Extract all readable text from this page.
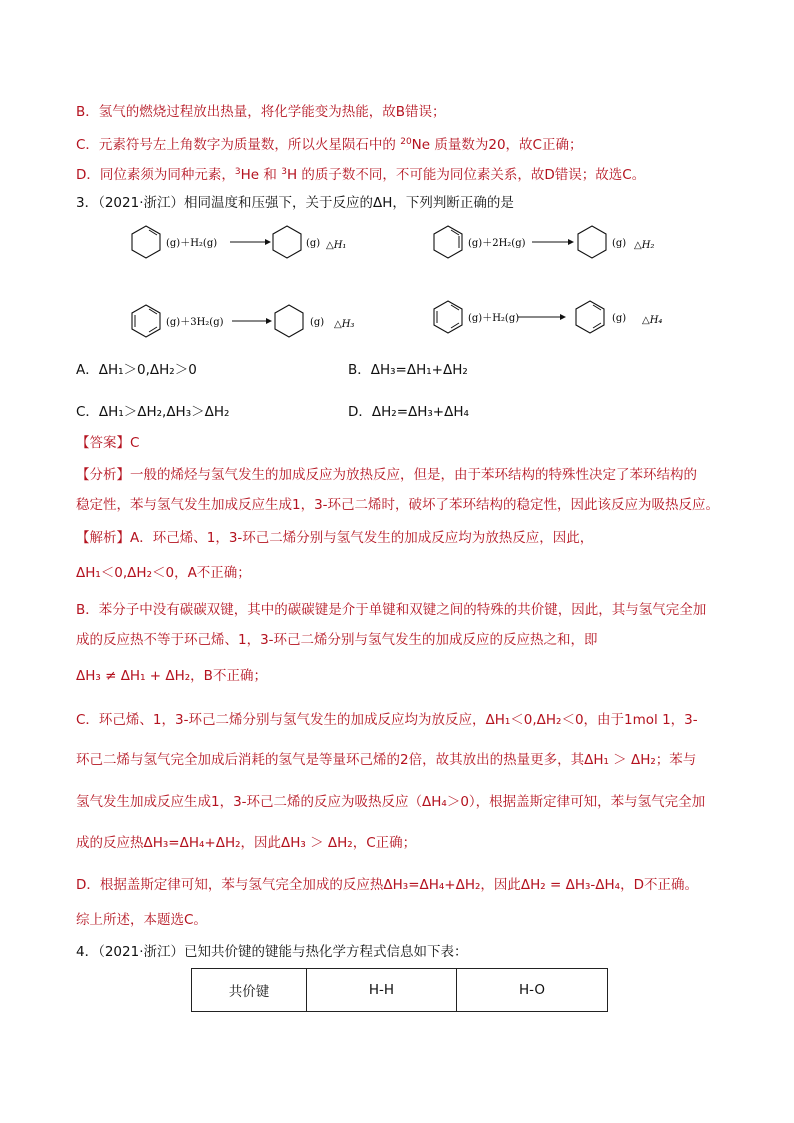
B．氢气的燃烧过程放出热量，将化学能变为热能，故B错误；
C．元素符号左上角数字为质量数，所以火星陨石中的 $^{20}$Ne 质量数为20，故C正确；
D．同位素须为同种元素，$^3$He 和 $^3$H 的质子数不同，不可能为同位素关系，故D错误；故选C。
3．（2021·浙江）相同温度和压强下，关于反应的ΔH，下列判断正确的是
(g)＋H₂(g)	(g) △H₁	(g)＋2H₂(g)	(g) △H₂
(g)＋3H₂(g)	(g) △H₃
(g)＋H₂(g)	(g) △H₄
A．ΔH₁＞0,ΔH₂＞0	B．ΔH₃=ΔH₁+ΔH₂
C．ΔH₁＞ΔH₂,ΔH₃＞ΔH₂	D．ΔH₂=ΔH₃+ΔH₄
【答案】C
【分析】一般的烯烃与氢气发生的加成反应为放热反应，但是，由于苯环结构的特殊性决定了苯环结构的
稳定性，苯与氢气发生加成反应生成1，3-环己二烯时，破坏了苯环结构的稳定性，因此该反应为吸热反应。
【解析】A．环己烯、1，3-环己二烯分别与氢气发生的加成反应均为放热反应，因此，
ΔH₁＜0,ΔH₂＜0，A不正确；
B．苯分子中没有碳碳双键，其中的碳碳键是介于单键和双键之间的特殊的共价键，因此，其与氢气完全加
成的反应热不等于环己烯、1，3-环己二烯分别与氢气发生的加成反应的反应热之和，即
ΔH₃ ≠ ΔH₁ + ΔH₂，B不正确；
C．环己烯、1，3-环己二烯分别与氢气发生的加成反应均为放反应，ΔH₁＜0,ΔH₂＜0，由于1mol 1，3-
环己二烯与氢气完全加成后消耗的氢气是等量环己烯的2倍，故其放出的热量更多，其ΔH₁ ＞ ΔH₂；苯与
氢气发生加成反应生成1，3-环己二烯的反应为吸热反应（ΔH₄＞0），根据盖斯定律可知，苯与氢气完全加
成的反应热ΔH₃=ΔH₄+ΔH₂，因此ΔH₃ ＞ ΔH₂，C正确；
D．根据盖斯定律可知，苯与氢气完全加成的反应热ΔH₃=ΔH₄+ΔH₂，因此ΔH₂ = ΔH₃-ΔH₄，D不正确。
综上所述，本题选C。
4．（2021·浙江）已知共价键的键能与热化学方程式信息如下表：
共价键	H-H	H-O
